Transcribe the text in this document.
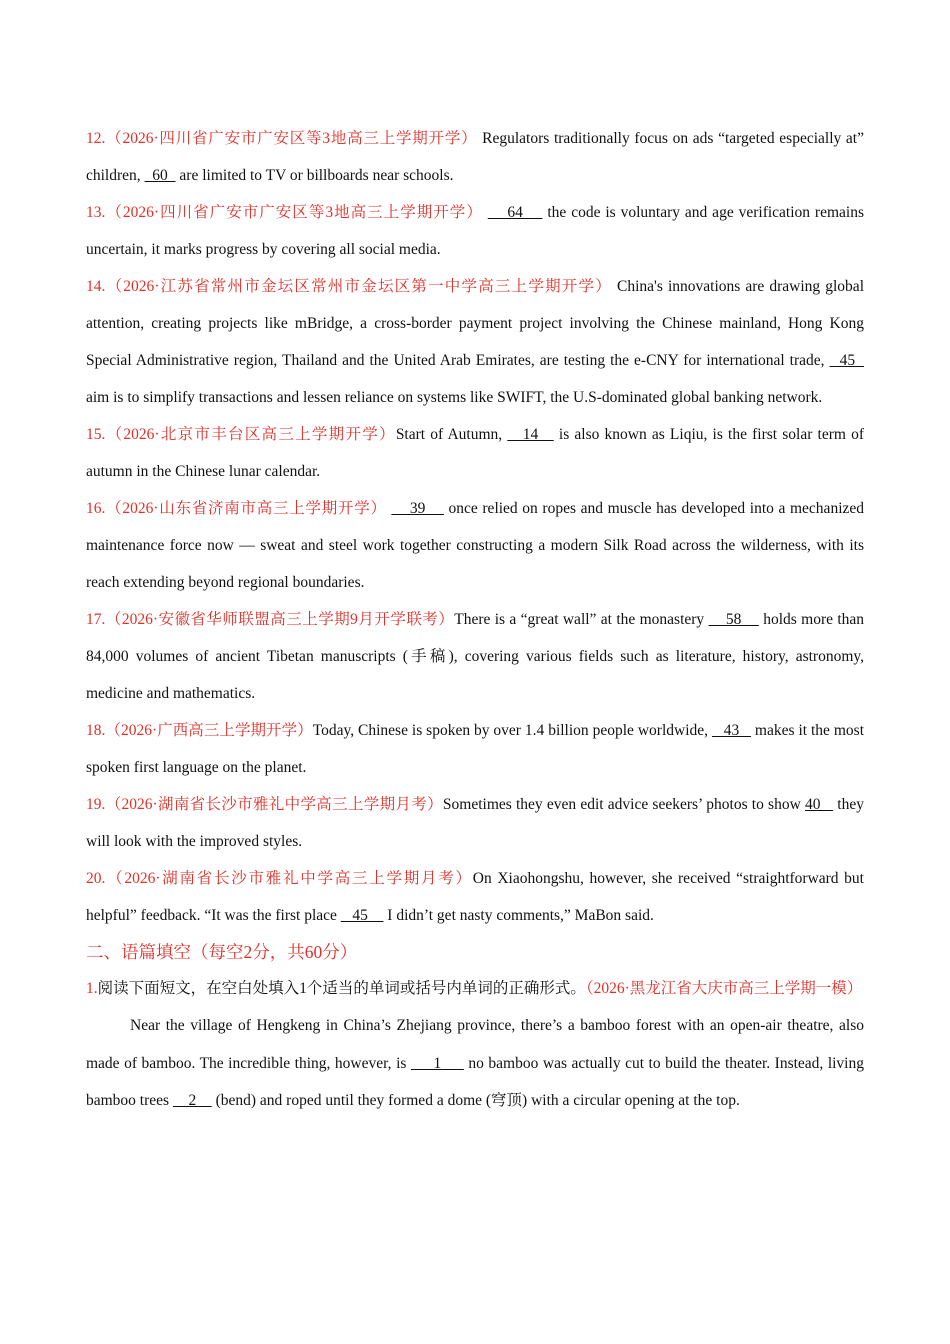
12.（2026·四川省广安市广安区等3地高三上学期开学） Regulators traditionally focus on ads “targeted especially at” children,   60   are limited to TV or billboards near schools.

13.（2026·四川省广安市广安区等3地高三上学期开学）     64     the code is voluntary and age verification remains uncertain, it marks progress by covering all social media.

14.（2026·江苏省常州市金坛区常州市金坛区第一中学高三上学期开学） China's innovations are drawing global attention, creating projects like mBridge, a cross-border payment project involving the Chinese mainland, Hong Kong Special Administrative region, Thailand and the United Arab Emirates, are testing the e-CNY for international trade,   45   aim is to simplify transactions and lessen reliance on systems like SWIFT, the U.S-dominated global banking network.

15.（2026·北京市丰台区高三上学期开学）Start of Autumn,    14    is also known as Liqiu, is the first solar term of autumn in the Chinese lunar calendar.

16.（2026·山东省济南市高三上学期开学）     39     once relied on ropes and muscle has developed into a mechanized maintenance force now — sweat and steel work together constructing a modern Silk Road across the wilderness, with its reach extending beyond regional boundaries.

17.（2026·安徽省华师联盟高三上学期9月开学联考）There is a “great wall” at the monastery     58     holds more than 84,000 volumes of ancient Tibetan manuscripts (手稿), covering various fields such as literature, history, astronomy, medicine and mathematics.

18.（2026·广西高三上学期开学）Today, Chinese is spoken by over 1.4 billion people worldwide,    43    makes it the most spoken first language on the planet.

19.（2026·湖南省长沙市雅礼中学高三上学期月考）Sometimes they even edit advice seekers’ photos to show 40    they will look with the improved styles.

20.（2026·湖南省长沙市雅礼中学高三上学期月考）On Xiaohongshu, however, she received “straightforward but helpful” feedback. “It was the first place    45     I didn’t get nasty comments,” MaBon said.

二、语篇填空（每空2分，共60分）

1.阅读下面短文，在空白处填入1个适当的单词或括号内单词的正确形式。（2026·黑龙江省大庆市高三上学期一模）

Near the village of Hengkeng in China’s Zhejiang province, there’s a bamboo forest with an open-air theatre, also made of bamboo. The incredible thing, however, is      1      no bamboo was actually cut to build the theater. Instead, living bamboo trees     2     (bend) and roped until they formed a dome (穹顶) with a circular opening at the top.
